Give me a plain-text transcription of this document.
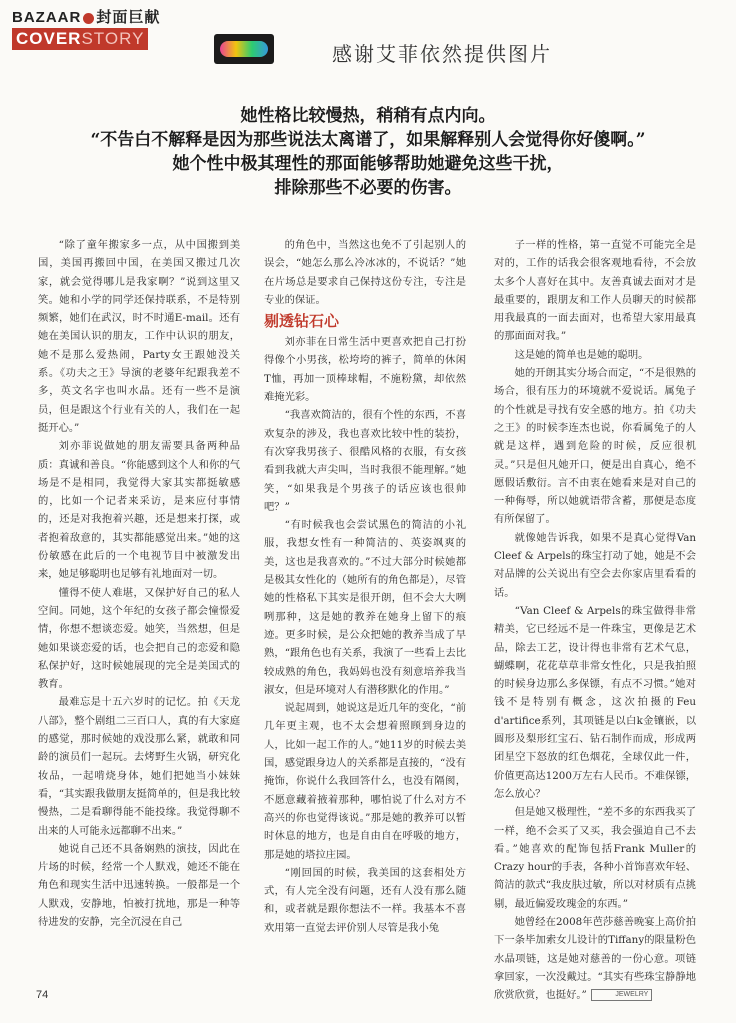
BAZAAR 封面巨献
COVERSTORY
感谢艾菲依然提供图片
她性格比较慢热，稍稍有点内向。
“不告白不解释是因为那些说法太离谱了，如果解释别人会觉得你好傻啊。”
她个性中极其理性的那面能够帮助她避免这些干扰，
排除那些不必要的伤害。

“除了童年搬家多一点，从中国搬到美国，美国再搬回中国，在美国又搬过几次家，就会觉得哪儿是我家啊？”说到这里又笑。她和小学的同学还保持联系，不是特别频繁，她们在武汉，时不时通E-mail。还有她在美国认识的朋友，工作中认识的朋友，她不是那么爱热闹，Party女王跟她没关系。《功夫之王》导演的老婆年纪跟我差不多，英文名字也叫水晶。还有一些不是演员，但是跟这个行业有关的人，我们在一起挺开心。”

刘亦菲说做她的朋友需要具备两种品质：真诚和善良。“你能感到这个人和你的气场是不是相同，我觉得大家其实都挺敏感的，比如一个记者来采访，是来应付事情的，还是对我抱着兴趣，还是想来打探，或者抱着敌意的，其实都能感觉出来。”她的这份敏感在此后的一个电视节目中被激发出来，她足够聪明也足够有礼地面对一切。

懂得不使人难堪，又保护好自己的私人空间。同她，这个年纪的女孩子都会憧憬爱情，你想不想谈恋爱。她笑，当然想，但是她如果谈恋爱的话，也会把自己的恋爱和隐私保护好，这时候她展现的完全是美国式的教育。

最难忘是十五六岁时的记忆。拍《天龙八部》，整个剧组二三百口人，真的有大家庭的感觉，那时候她的戏没那么紧，就敢和同龄的演员们一起玩。去烤野生火锅，研究化妆品，一起啃烧身体，她们把她当小妹妹看，“其实跟我做朋友挺简单的，但是我比较慢热，二是看聊得能不能投缘。我觉得聊不出来的人可能永远都聊不出来。”

她说自己还不具备娴熟的演技，因此在片场的时候，经常一个人默戏，她还不能在角色和现实生活中迅速转换。一般都是一个人默戏，安静地，怕被打扰地，那是一种等待进发的安静，完全沉浸在自己

的角色中，当然这也免不了引起别人的误会，“她怎么那么冷冰冰的，不说话？”她在片场总是要求自己保持这份专注，专注是专业的保证。

剔透钻石心

刘亦菲在日常生活中更喜欢把自己打扮得像个小男孩，松垮垮的裤子，简单的休闲T恤，再加一顶棒球帽，不施粉黛，却依然难掩光彩。

“我喜欢简洁的，很有个性的东西，不喜欢复杂的涉及，我也喜欢比较中性的装扮，有次穿我男孩子、很酷风格的衣服，有女孩看到我就大声尖叫，当时我很不能理解。”她笑，“如果我是个男孩子的话应该也很帅吧？”

“有时候我也会尝试黑色的简洁的小礼服，我想女性有一种简洁的、英姿飒爽的美，这也是我喜欢的。”不过大部分时候她都是极其女性化的（她所有的角色都是），尽管她的性格私下其实是很开朗，但不会大大咧咧那种，这是她的教养在她身上留下的痕迹。更多时候，是公众把她的教养当成了早熟，“跟角色也有关系，我演了一些看上去比较成熟的角色，我妈妈也没有刻意培养我当淑女，但是环境对人有潜移默化的作用。”

说起周到，她说这是近几年的变化，“前几年更主观，也不太会想着照顾到身边的人，比如一起工作的人。”她11岁的时候去美国，感觉跟身边人的关系都是直接的，“没有掩饰，你说什么我回答什么，也没有隔阂，不愿意藏着掖着那种，哪怕说了什么对方不高兴的你也觉得该说。”那是她的教养可以暂时休息的地方，也是自由自在呼吸的地方，那是她的塔拉庄园。

“刚回国的时候，我美国的这套相处方式，有人完全没有问题，还有人没有那么随和，或者就是跟你想法不一样。我基本不喜欢用第一直觉去评价别人尽管是我小兔

子一样的性格，第一直觉不可能完全是对的，工作的话我会很客观地看待，不会放太多个人喜好在其中。友善真诚去面对才是最重要的，跟朋友和工作人员聊天的时候都用我最真的一面去面对，也希望大家用最真的那面面对我。”

这是她的简单也是她的聪明。

她的开朗其实分场合而定，“不是很熟的场合，很有压力的环境就不爱说话。属兔子的个性就是寻找有安全感的地方。拍《功夫之王》的时候李连杰也说，你看属兔子的人就是这样，遇到危险的时候，反应很机灵。”只是但凡她开口，便是出自真心，绝不愿假话敷衍。言不由衷在她看来是对自己的一种侮辱，所以她就语带含蓄，那便是态度有所保留了。

就像她告诉我，如果不是真心觉得Van Cleef & Arpels的珠宝打动了她，她是不会对品牌的公关说出有空会去你家店里看看的话。

“Van Cleef & Arpels的珠宝做得非常精美，它已经远不是一件珠宝，更像是艺术品，除去工艺，设计得也非常有艺术气息，蝴蝶啊，花花草草非常女性化，只是我拍照的时候身边那么多保镖，有点不习惯。”她对钱不是特别有概念，这次拍摄的Feu d'artifice系列，其项链是以白k金镶嵌，以圆形及梨形红宝石、钻石制作而成，形成两团星空下怒放的红色烟花，全球仅此一件，价值更高达1200万左右人民币。不难保镖，怎么放心？

但是她又极理性，“差不多的东西我买了一样，绝不会买了又买，我会强迫自己不去看。”她喜欢的配饰包括Frank Muller的Crazy hour的手表，各种小首饰喜欢年轻、简洁的款式“我皮肤过敏，所以对材质有点挑剔，最近偏爱玫瑰金的东西。”

她曾经在2008年芭莎慈善晚宴上高价拍下一条毕加索女儿设计的Tiffany的限量粉色水晶项链，这是她对慈善的一份心意。项链拿回家，一次没戴过。“其实有些珠宝静静地欣赏欣赏，也挺好。”	JEWELRY

74
